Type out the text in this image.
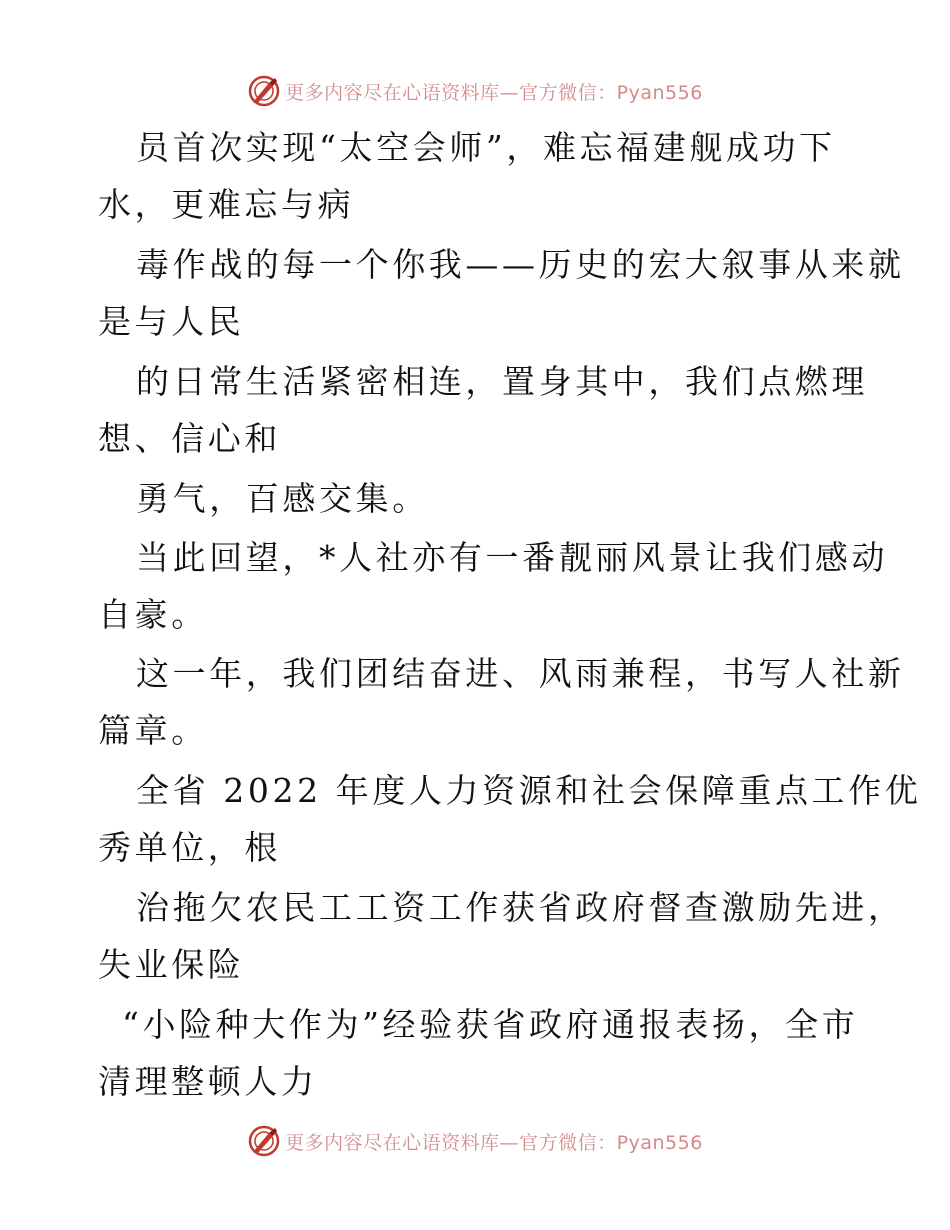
更多内容尽在心语资料库—官方微信：Pyan556
员首次实现“太空会师”，难忘福建舰成功下
水，更难忘与病
毒作战的每一个你我——历史的宏大叙事从来就
是与人民
的日常生活紧密相连，置身其中，我们点燃理
想、信心和
勇气，百感交集。
当此回望，*人社亦有一番靓丽风景让我们感动
自豪。
这一年，我们团结奋进、风雨兼程，书写人社新
篇章。
全省 2022 年度人力资源和社会保障重点工作优
秀单位，根
治拖欠农民工工资工作获省政府督查激励先进，
失业保险
“小险种大作为”经验获省政府通报表扬，全市
清理整顿人力
更多内容尽在心语资料库—官方微信：Pyan556
